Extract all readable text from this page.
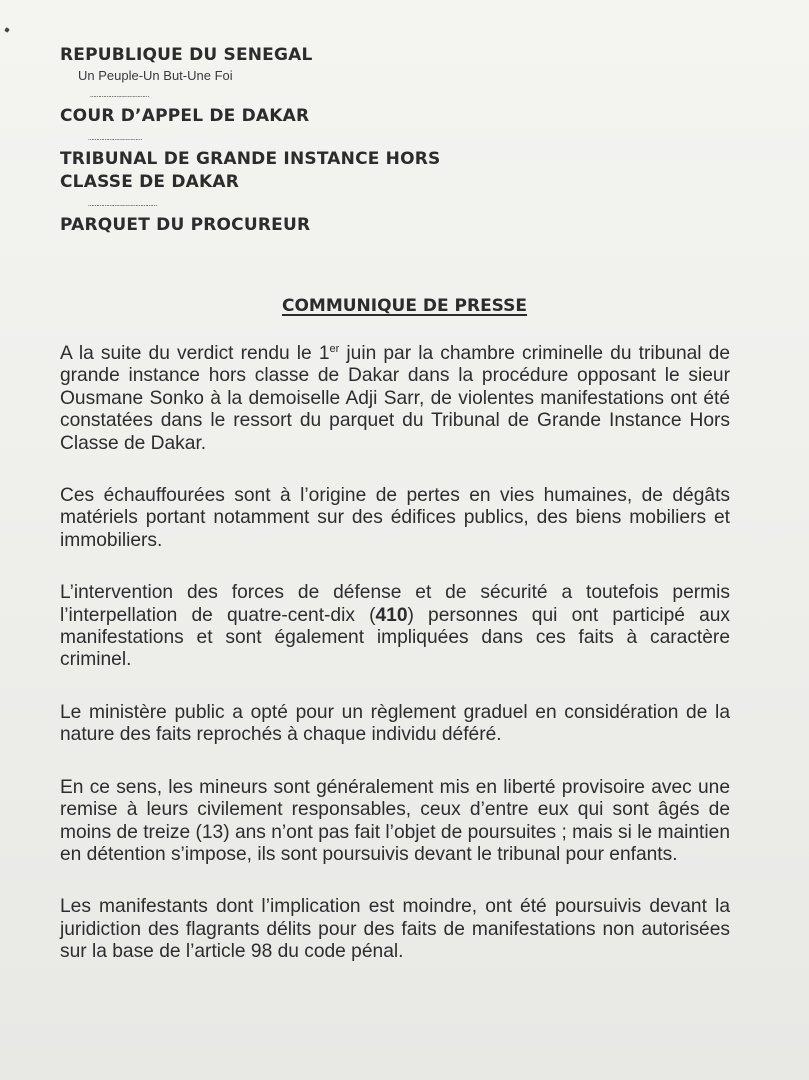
REPUBLIQUE DU SENEGAL
Un Peuple-Un But-Une Foi
………………………………
COUR D’APPEL DE DAKAR
……………………………
TRIBUNAL DE GRANDE INSTANCE HORS
CLASSE DE DAKAR
……………………………………
PARQUET DU PROCUREUR
COMMUNIQUE DE PRESSE

A la suite du verdict rendu le 1er juin par la chambre criminelle du tribunal de grande instance hors classe de Dakar dans la procédure opposant le sieur Ousmane Sonko à la demoiselle Adji Sarr, de violentes manifestations ont été constatées dans le ressort du parquet du Tribunal de Grande Instance Hors Classe de Dakar.

Ces échauffourées sont à l’origine de pertes en vies humaines, de dégâts matériels portant notamment sur des édifices publics, des biens mobiliers et immobiliers.

L’intervention des forces de défense et de sécurité a toutefois permis l’interpellation de quatre-cent-dix (410) personnes qui ont participé aux manifestations et sont également impliquées dans ces faits à caractère criminel.

Le ministère public a opté pour un règlement graduel en considération de la nature des faits reprochés à chaque individu déféré.

En ce sens, les mineurs sont généralement mis en liberté provisoire avec une remise à leurs civilement responsables, ceux d’entre eux qui sont âgés de moins de treize (13) ans n’ont pas fait l’objet de poursuites ; mais si le maintien en détention s’impose, ils sont poursuivis devant le tribunal pour enfants.

Les manifestants dont l’implication est moindre, ont été poursuivis devant la juridiction des flagrants délits pour des faits de manifestations non autorisées sur la base de l’article 98 du code pénal.
